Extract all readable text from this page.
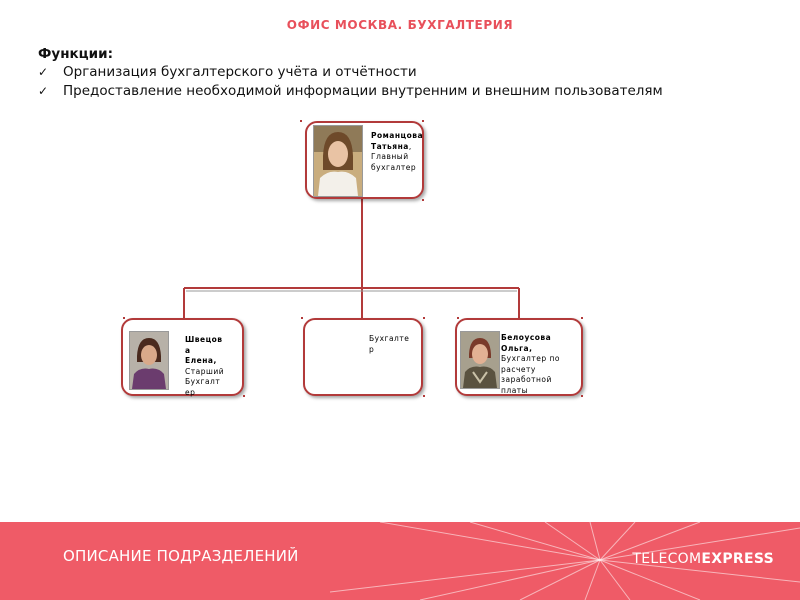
ОФИС МОСКВА. БУХГАЛТЕРИЯ
Функции:
✓ Организация бухгалтерского учёта и отчётности
✓ Предоставление необходимой информации внутренним и внешним пользователям
Романцова
Татьяна,
Главный
бухгалтер
Швецов
а
Елена,
Старший
Бухгалт
ер
Бухгалте
р
Белоусова
Ольга,
Бухгалтер по
расчету
заработной
платы
ОПИСАНИЕ ПОДРАЗДЕЛЕНИЙ	TELECOMEXPRESS
